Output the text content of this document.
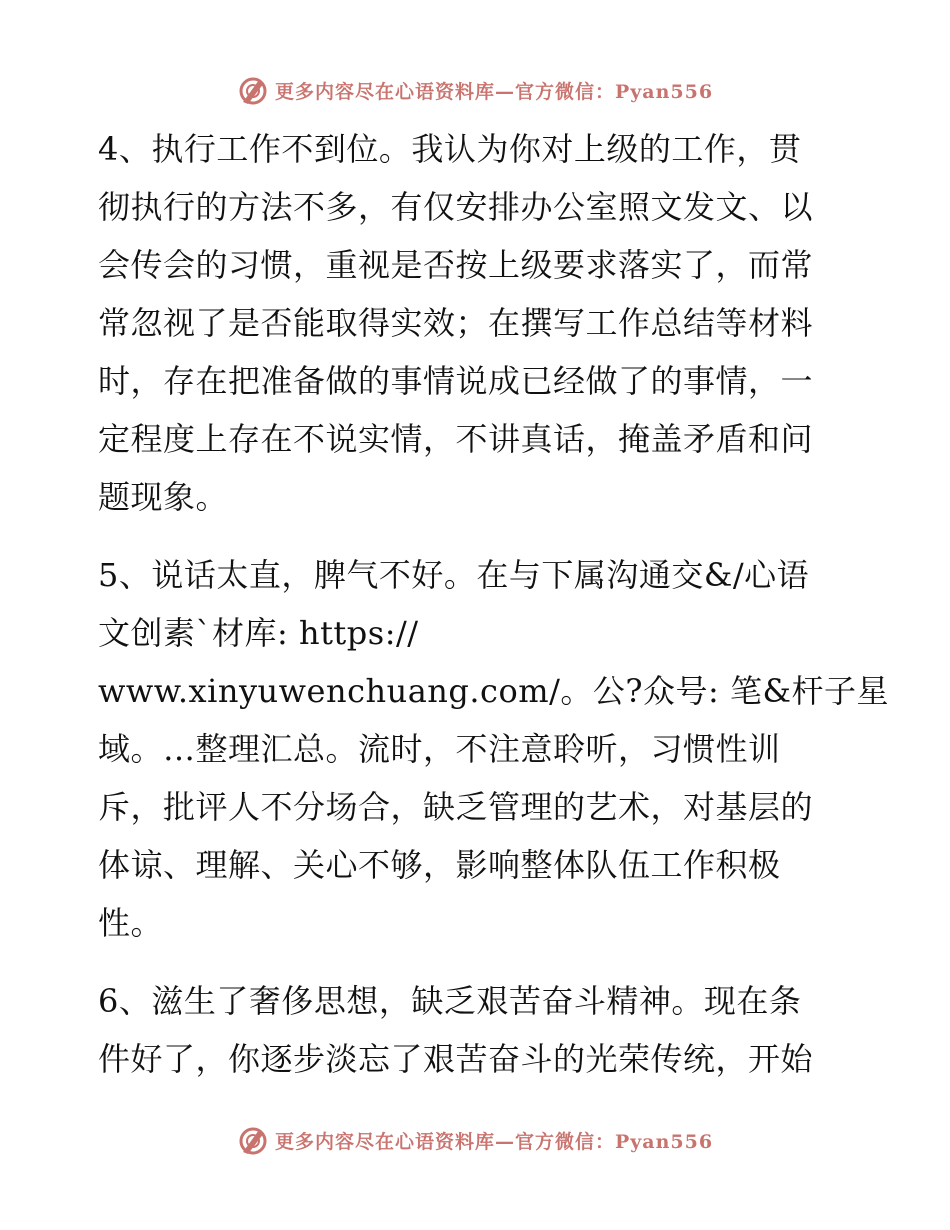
更多内容尽在心语资料库—官方微信：Pyan556

4、执行工作不到位。我认为你对上级的工作，贯
彻执行的方法不多，有仅安排办公室照文发文、以
会传会的习惯，重视是否按上级要求落实了，而常
常忽视了是否能取得实效；在撰写工作总结等材料
时，存在把准备做的事情说成已经做了的事情，一
定程度上存在不说实情，不讲真话，掩盖矛盾和问
题现象。

5、说话太直，脾气不好。在与下属沟通交&/心语
文创素`材库: https://
www.xinyuwenchuang.com/。公?众号: 笔&杆子星
域。…整理汇总。流时，不注意聆听，习惯性训
斥，批评人不分场合，缺乏管理的艺术，对基层的
体谅、理解、关心不够，影响整体队伍工作积极
性。

6、滋生了奢侈思想，缺乏艰苦奋斗精神。现在条
件好了，你逐步淡忘了艰苦奋斗的光荣传统，开始

更多内容尽在心语资料库—官方微信：Pyan556
